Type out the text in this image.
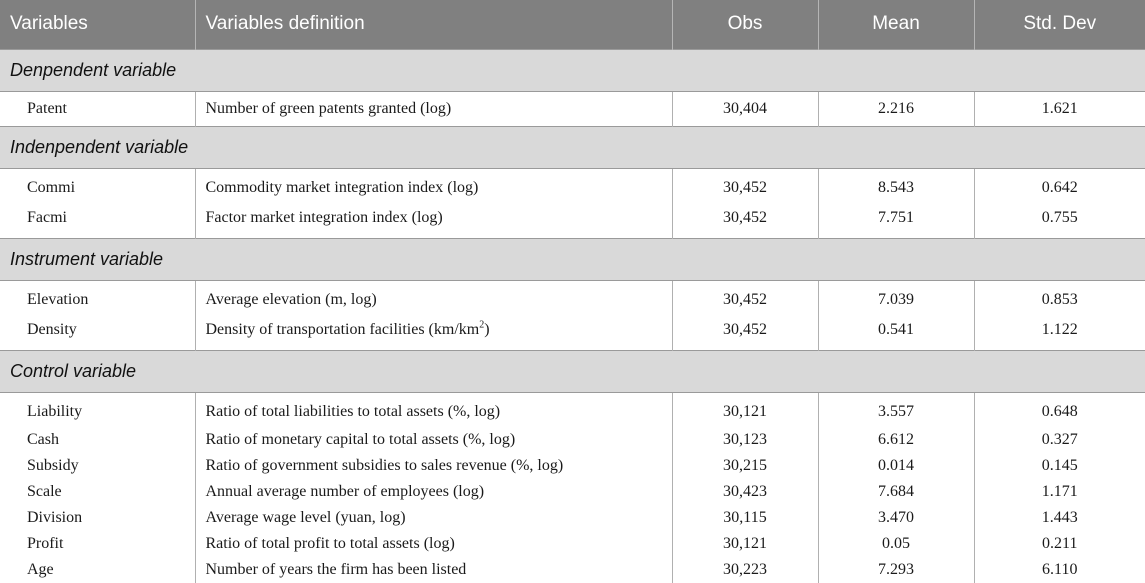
Variables	Variables definition	Obs	Mean	Std. Dev
Denpendent variable				
Patent	Number of green patents granted (log)	30,404	2.216	1.621
Indenpendent variable				
Commi	Commodity market integration index (log)	30,452	8.543	0.642
Facmi	Factor market integration index (log)	30,452	7.751	0.755
Instrument variable				
Elevation	Average elevation (m, log)	30,452	7.039	0.853
Density	Density of transportation facilities $(km/km^2)$	30,452	0.541	1.122
Control variable				
Liability	Ratio of total liabilities to total assets (%, log)	30,121	3.557	0.648
Cash	Ratio of monetary capital to total assets (%, log)	30,123	6.612	0.327
Subsidy	Ratio of government subsidies to sales revenue (%, log)	30,215	0.014	0.145
Scale	Annual average number of employees (log)	30,423	7.684	1.171
Division	Average wage level (yuan, log)	30,115	3.470	1.443
Profit	Ratio of total profit to total assets (log)	30,121	0.05	0.211
Age	Number of years the firm has been listed	30,223	7.293	6.110
